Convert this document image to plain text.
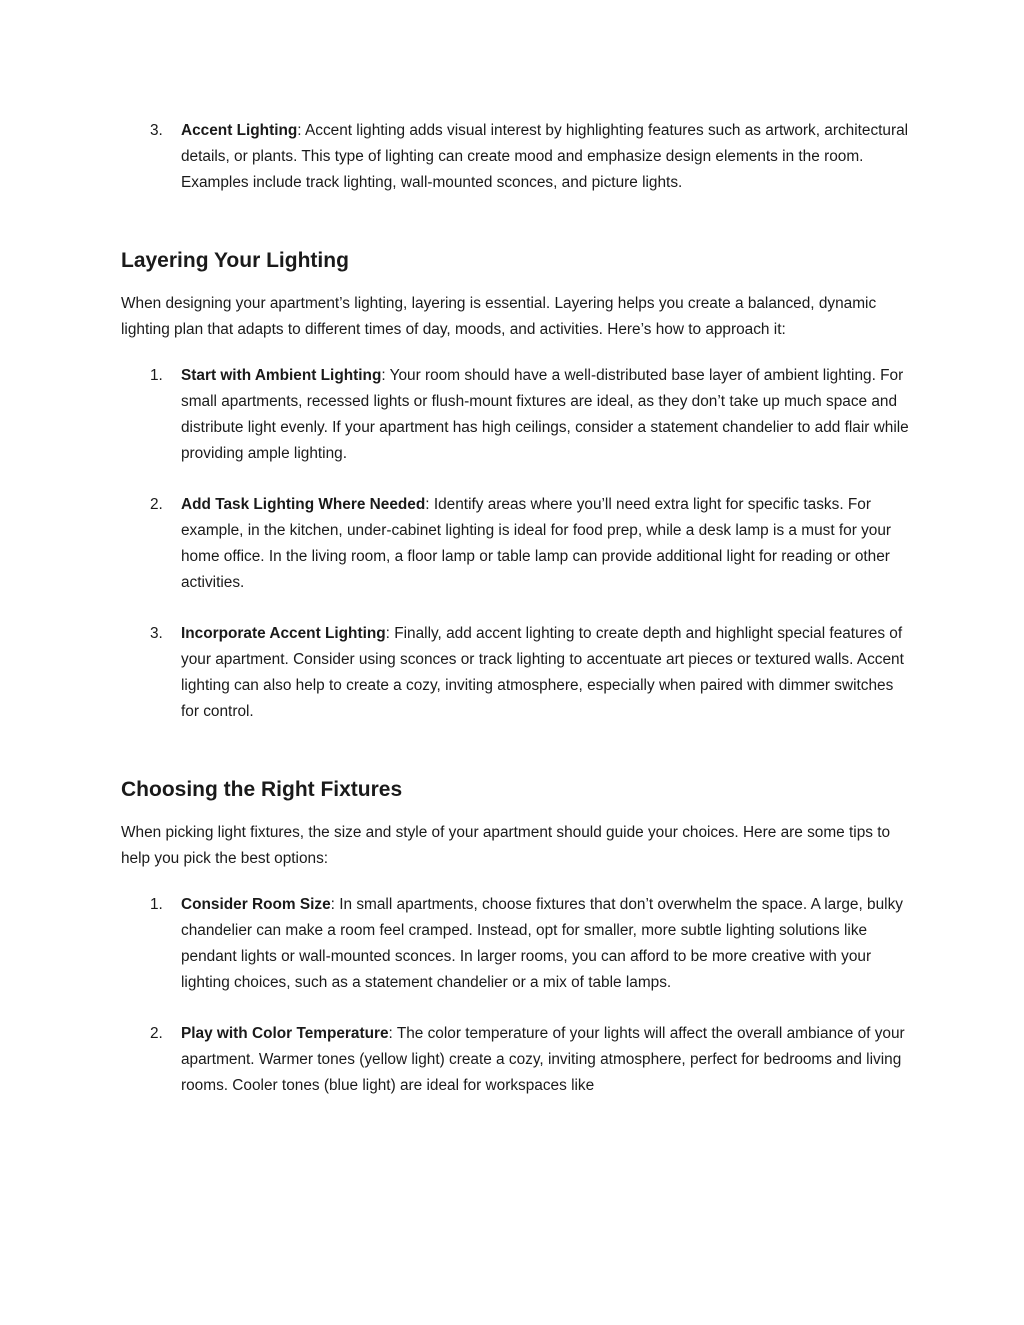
3. Accent Lighting: Accent lighting adds visual interest by highlighting features such as artwork, architectural details, or plants. This type of lighting can create mood and emphasize design elements in the room. Examples include track lighting, wall-mounted sconces, and picture lights.
Layering Your Lighting

When designing your apartment’s lighting, layering is essential. Layering helps you create a balanced, dynamic lighting plan that adapts to different times of day, moods, and activities. Here’s how to approach it:

1. Start with Ambient Lighting: Your room should have a well-distributed base layer of ambient lighting. For small apartments, recessed lights or flush-mount fixtures are ideal, as they don’t take up much space and distribute light evenly. If your apartment has high ceilings, consider a statement chandelier to add flair while providing ample lighting.
2. Add Task Lighting Where Needed: Identify areas where you’ll need extra light for specific tasks. For example, in the kitchen, under-cabinet lighting is ideal for food prep, while a desk lamp is a must for your home office. In the living room, a floor lamp or table lamp can provide additional light for reading or other activities.
3. Incorporate Accent Lighting: Finally, add accent lighting to create depth and highlight special features of your apartment. Consider using sconces or track lighting to accentuate art pieces or textured walls. Accent lighting can also help to create a cozy, inviting atmosphere, especially when paired with dimmer switches for control.
Choosing the Right Fixtures

When picking light fixtures, the size and style of your apartment should guide your choices. Here are some tips to help you pick the best options:

1. Consider Room Size: In small apartments, choose fixtures that don’t overwhelm the space. A large, bulky chandelier can make a room feel cramped. Instead, opt for smaller, more subtle lighting solutions like pendant lights or wall-mounted sconces. In larger rooms, you can afford to be more creative with your lighting choices, such as a statement chandelier or a mix of table lamps.
2. Play with Color Temperature: The color temperature of your lights will affect the overall ambiance of your apartment. Warmer tones (yellow light) create a cozy, inviting atmosphere, perfect for bedrooms and living rooms. Cooler tones (blue light) are ideal for workspaces like
